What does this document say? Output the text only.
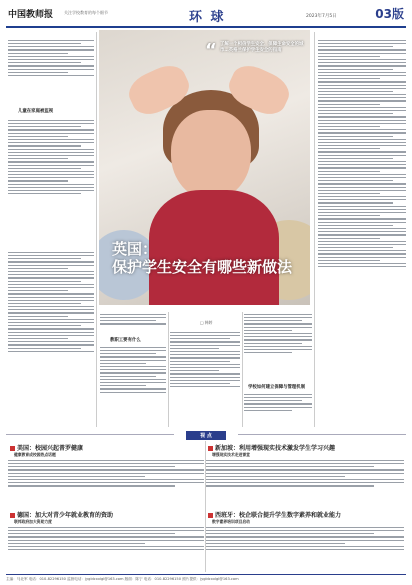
中国教师报	关注学校教育的每个细节	环 球	2023年7月5日	03版
儿童在家庭被监视
“ 了解一个相信学生安全、保障生命安全的城市…英格兰保护学生安全的指南
英国：
保护学生安全有哪些新做法
□ 韩婷
教职工要有什么
学校如何建立保障与管理机制
视 点
美国：校园兴起普罗健康
健康教育成校园热点话题
新加坡：利用增强现实技术激发学生学习兴趣
增强现实技术走进课堂
德国：加大对青少年就业教育的资助
联邦政府加大资助力度
西班牙：校企联合提升学生数字素养和就业能力
数字素养培训项目启动
主编：马北军 电话：010-82296150 监督电话：jygldcxxlgl@163.com 版面：陈宁 电话：010-82296150 照片提供：jygldcxxlgl@163.com
